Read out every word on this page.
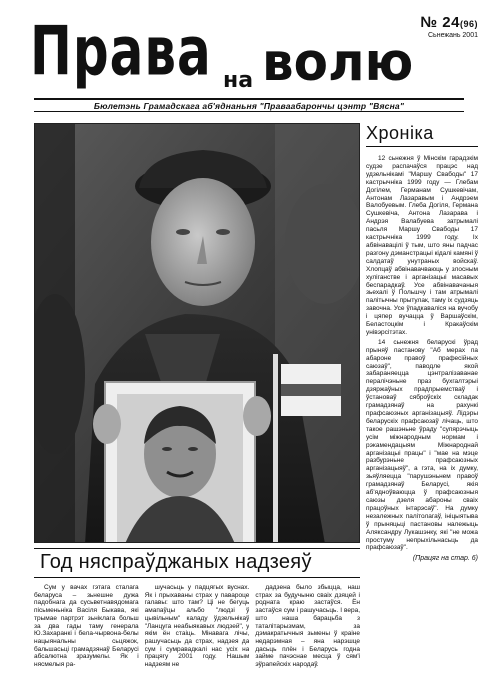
Права на волю
№ 24(96)
Сьнежань 2001
Бюлетэнь Грамадскага аб'яднаньня "Праваабарончы цэнтр "Вясна"
Хроніка

12 сьнежня ў Мінскім гарадзкім судзе распачаўся працэс над удзельнікамі "Маршу Свабоды" 17 кастрычніка 1999 году — Глебам Догілем, Германам Сушкевічам, Антонам Лазаравым і Андрэем Валобуевым. Глеба Догіля, Германа Сушкевіча, Антона Лазарава і Андрэя Валабуева затрымалі пасьля Маршу Свабоды 17 кастрычніка 1999 году. Іх абвінавацілі ў тым, што яны падчас разгону дэманстрацыі кідалі камяні ў салдатаў унутраных войскаў. Хлопцаў абвінавачваюць у злосным хуліганстве і арганізацыі масавых беспарадкаў. Усе абвінавачаныя зьехалі ў Польшчу і там атрымалі палітычны прытулак, таму іх судзяць завочна. Усе ўпадкаваліся на вучобу і цяпер вучацца ў Варшаўскім, Беластоцкім і Кракаўскім унівэрсітэтах.

14 сьнежня беларускі ўрад прыняў пастанову "Аб мерах па абароне правоў прафесійных саюзаў", паводле якой забараняецца цэнтралізаванае пералічэньне праз бухгалтэрыі дзяржаўных прадпрыемстваў і ўстановаў сяброўскіх складак грамадзянаў на рахункі прафсаюзных арганізацыяў. Лідэры беларускіх прафсаюзаў лічаць, што такое рашэньне ўраду "супярэчыць усім міжнародным нормам і рэкамендацыям Міжнароднай арганізацыі працы" і "мае на мэце разбурэньне прафсаюзных арганізацыяў", а гэта, на іх думку, зьяўляецца "парушэньнем правоў грамадзянаў Беларусі, якія аб'ядноўваюцца ў прафсаюзныя саюзы дзеля абароны сваіх працоўных інтарэсаў". На думку незалежных палітолагаў, ініцыятыва ў прыняцьці пастановы належыць Аляксандру Лукашэнку, які "не можа простуму непрыхільнасьць да прафсаюзаў".

(Працяг на стар. 6)
Год няспраўджаных надзеяў

Сум у вачах гэтага сталага беларуса – зьнешне дужа падобнага да сусьветнавядомага пісьменьніка Васіля Быкава, які трымае партрэт зьніклага больш за два гады таму генерала Ю.Захаранкі і бела-чырвона-белы нацыянальны сьцяжок, бальшасьці грамадзянаў Беларусі абсалютна зразумелы. Як і нясмелыя ра-

шучасьць у падцягых вуснах. Як і прыхаваны страх у павароце галавы: што там? Ці не бегуць амапаўцы альбо "людзі ў цывільным" каладу ўдзельнікаў "Ланцуга неабыякавых людзей", у якім ён стаіць. Мінавага лічы, рашучасьць да страх, надзея да сум і сумравадкалі нас усіх на працягу 2001 году. Нашым надзеям не

дадзена было збыцца, наш страх за будучыню сваіх дзяцей і родната краю застаўся. Ён застаўся сум і рашучасьць. І вера, што наша барацьба з таталітарызмам, за дэмакратычныя зьмены ў краіне недарэмная – яна нарэшце дасьць плён і Беларусь годна займе пачэснае месца ў сям'і эўрапейскіх народаў.
